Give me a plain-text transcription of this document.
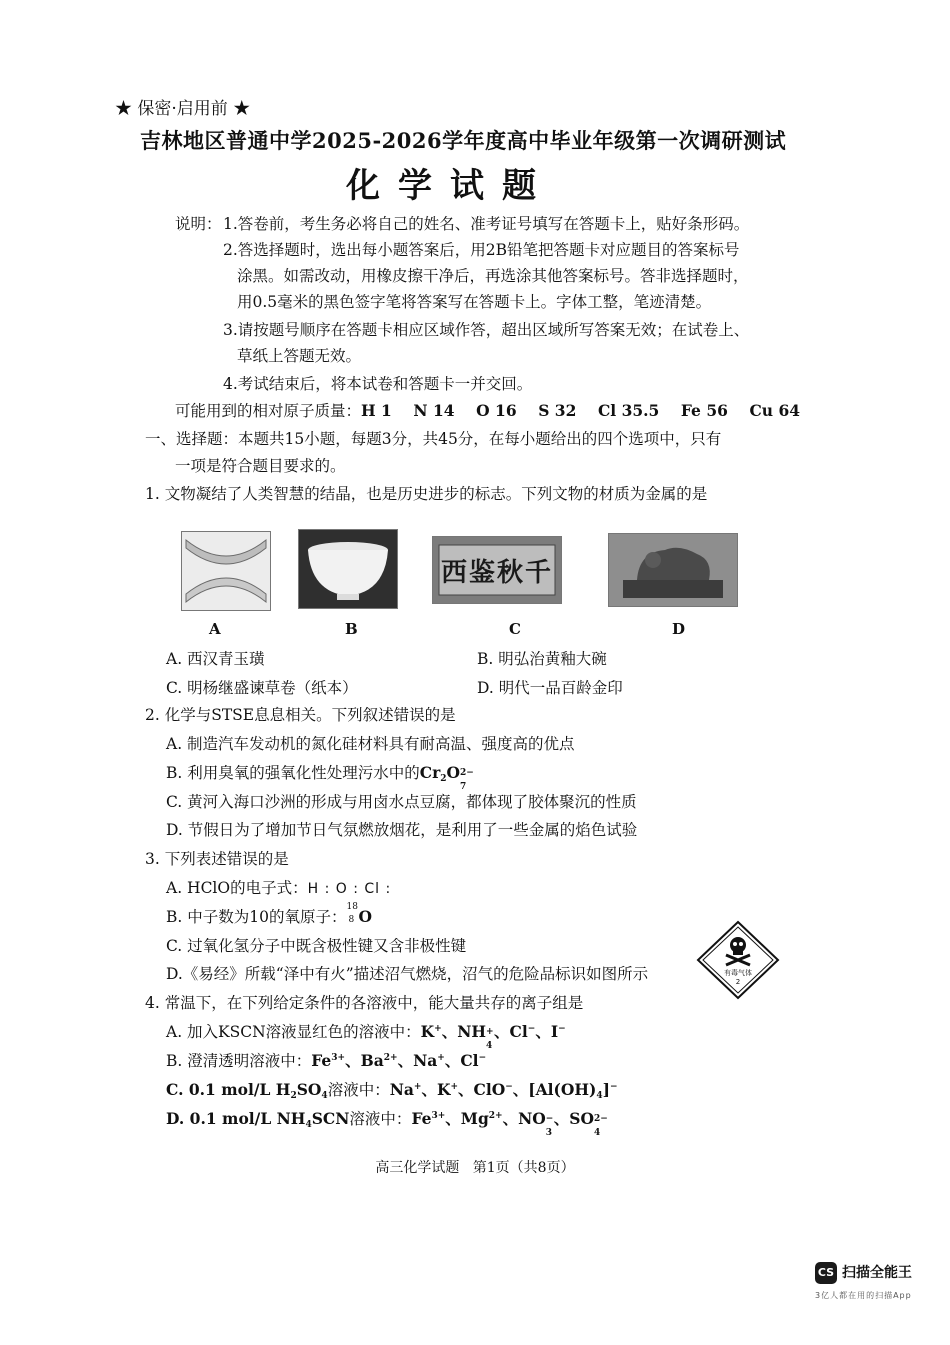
★ 保密·启用前 ★
吉林地区普通中学2025-2026学年度高中毕业年级第一次调研测试
化学试题
说明： 1.答卷前，考生务必将自己的姓名、准考证号填写在答题卡上，贴好条形码。
2.答选择题时，选出每小题答案后，用2B铅笔把答题卡对应题目的答案标号
涂黑。如需改动，用橡皮擦干净后，再选涂其他答案标号。答非选择题时，
用0.5毫米的黑色签字笔将答案写在答题卡上。字体工整，笔迹清楚。
3.请按题号顺序在答题卡相应区域作答，超出区域所写答案无效；在试卷上、
草纸上答题无效。
4.考试结束后，将本试卷和答题卡一并交回。
可能用到的相对原子质量：H 1    N 14    O 16    S 32    Cl 35.5    Fe 56    Cu 64
一、选择题：本题共15小题，每题3分，共45分，在每小题给出的四个选项中，只有
一项是符合题目要求的。
1. 文物凝结了人类智慧的结晶，也是历史进步的标志。下列文物的材质为金属的是
千秋鉴西
A	B	C	D
A. 西汉青玉璜	B. 明弘治黄釉大碗
C. 明杨继盛谏草卷（纸本）	D. 明代一品百龄金印
2. 化学与STSE息息相关。下列叙述错误的是
A. 制造汽车发动机的氮化硅材料具有耐高温、强度高的优点
B. 利用臭氧的强氧化性处理污水中的$Cr_2O$ 2−
7
C. 黄河入海口沙洲的形成与用卤水点豆腐，都体现了胶体聚沉的性质
D. 节假日为了增加节日气氛燃放烟花，是利用了一些金属的焰色试验
3. 下列表述错误的是
A. HClO的电子式：H : O : Cl :
B. 中子数为10的氧原子：
18
8 O
C. 过氧化氢分子中既含极性键又含非极性键
D.《易经》所载“泽中有火”描述沼气燃烧，沼气的危险品标识如图所示	有毒气体
2
4. 常温下，在下列给定条件的各溶液中，能大量共存的离子组是
A. 加入KSCN溶液显红色的溶液中：K+、NH +
4
、Cl−、I−
B. 澄清透明溶液中：$Fe^{3+}$、$Ba^{2+}$、Na+、Cl−
C. 0.1 mol/L $H_2SO_4$溶液中：Na+、K+、ClO−、$[Al(OH)_4]^-$
D. 0.1 mol/L $NH_4SCN$溶液中：$Fe^{3+}$、$Mg^{2+}$、NO −
3
、SO 2−
4
高三化学试题   第1页（共8页）
CS 扫描全能王
3亿人都在用的扫描App
